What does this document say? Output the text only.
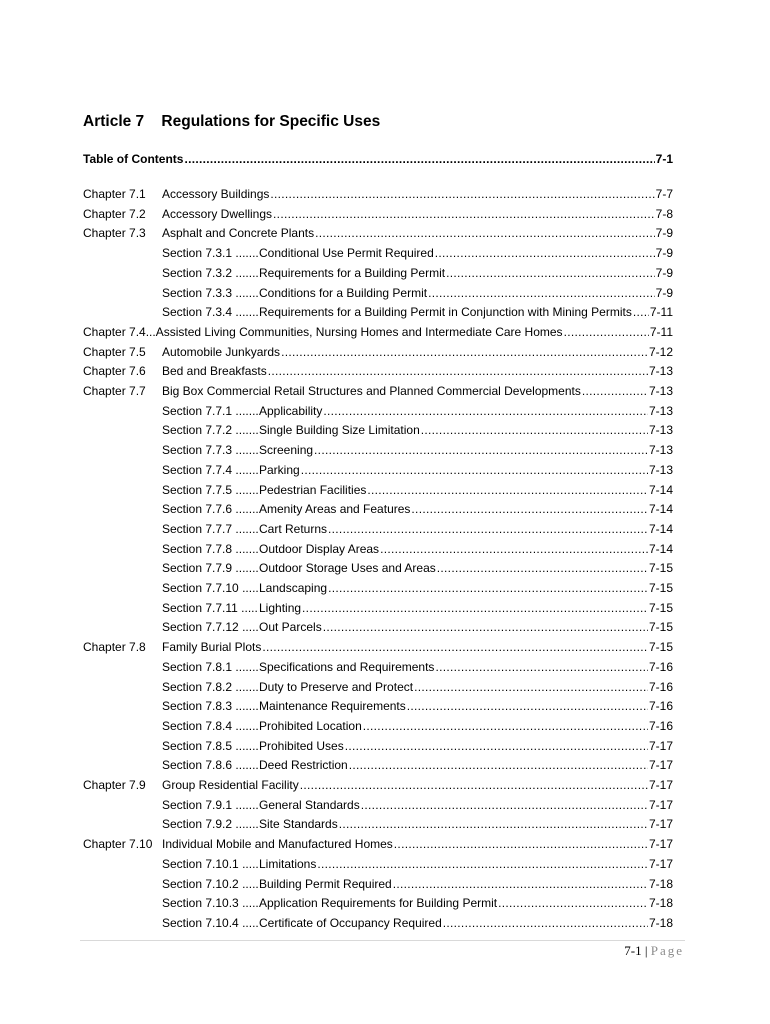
Article 7 Regulations for Specific Uses
Table of Contents .....	7-1
Chapter 7.1	Accessory Buildings .....	7-7
Chapter 7.2	Accessory Dwellings .....	7-8
Chapter 7.3	Asphalt and Concrete Plants .....	7-9
Section 7.3.1 .....	Conditional Use Permit Required .....	7-9
Section 7.3.2 .....	Requirements for a Building Permit .....	7-9
Section 7.3.3 .....	Conditions for a Building Permit .....	7-9
Section 7.3.4 .....	Requirements for a Building Permit in Conjunction with Mining Permits ..... 7-11
Chapter 7.4... Assisted Living Communities, Nursing Homes and Intermediate Care Homes .....	7-11
Chapter 7.5	Automobile Junkyards .....	7-12
Chapter 7.6	Bed and Breakfasts .....	7-13
Chapter 7.7	Big Box Commercial Retail Structures and Planned Commercial Developments .....	7-13
Section 7.7.1 .....	Applicability .....	7-13
Section 7.7.2 .....	Single Building Size Limitation .....	7-13
Section 7.7.3 .....	Screening .....	7-13
Section 7.7.4 .....	Parking .....	7-13
Section 7.7.5 .....	Pedestrian Facilities .....	7-14
Section 7.7.6 .....	Amenity Areas and Features .....	7-14
Section 7.7.7 .....	Cart Returns .....	7-14
Section 7.7.8 .....	Outdoor Display Areas .....	7-14
Section 7.7.9 .....	Outdoor Storage Uses and Areas .....	7-15
Section 7.7.10 .....	Landscaping .....	7-15
Section 7.7.11 .....	Lighting .....	7-15
Section 7.7.12 .....	Out Parcels .....	7-15
Chapter 7.8	Family Burial Plots .....	7-15
Section 7.8.1 .....	Specifications and Requirements .....	7-16
Section 7.8.2 .....	Duty to Preserve and Protect .....	7-16
Section 7.8.3 .....	Maintenance Requirements .....	7-16
Section 7.8.4 .....	Prohibited Location .....	7-16
Section 7.8.5 .....	Prohibited Uses .....	7-17
Section 7.8.6 .....	Deed Restriction .....	7-17
Chapter 7.9	Group Residential Facility .....	7-17
Section 7.9.1 .....	General Standards .....	7-17
Section 7.9.2 .....	Site Standards .....	7-17
Chapter 7.10 Individual Mobile and Manufactured Homes .....	7-17
Section 7.10.1 .....	Limitations .....	7-17
Section 7.10.2 .....	Building Permit Required .....	7-18
Section 7.10.3 .....	Application Requirements for Building Permit .....	7-18
Section 7.10.4 .....	Certificate of Occupancy Required .....	7-18
7-1 | Page
